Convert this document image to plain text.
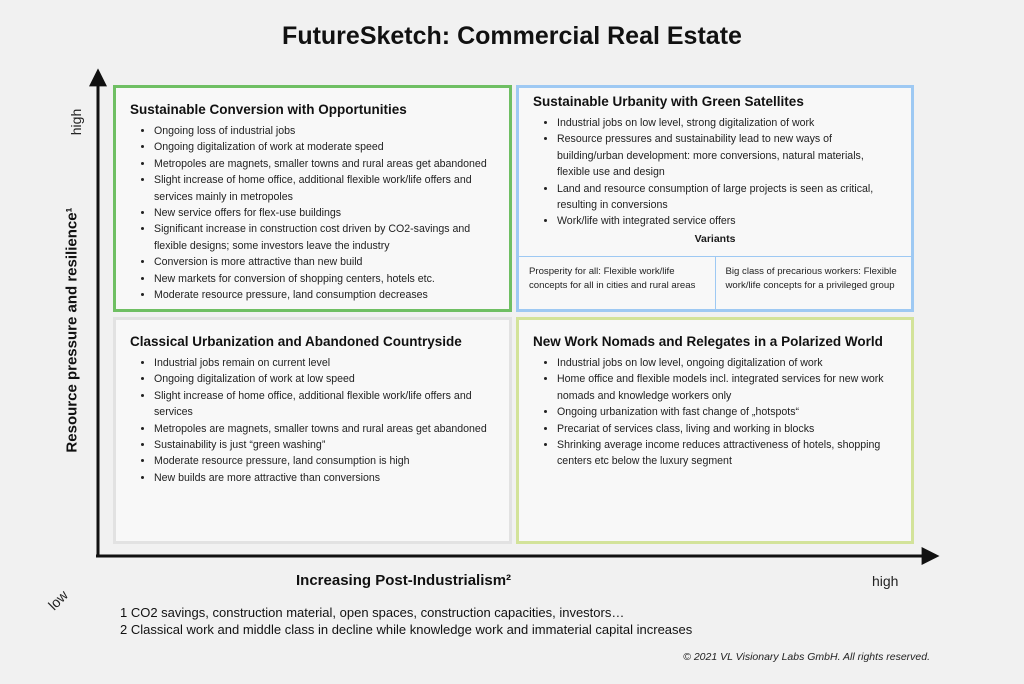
FutureSketch: Commercial Real Estate
high
Resource pressure and resilience¹
low
Sustainable Conversion with Opportunities
• Ongoing loss of industrial jobs
• Ongoing digitalization of work at moderate speed
• Metropoles are magnets, smaller towns and rural areas get abandoned
• Slight increase of home office, additional flexible work/life offers and services mainly in metropoles
• New service offers for flex-use buildings
• Significant increase in construction cost driven by CO2-savings and flexible designs; some investors leave the industry
• Conversion is more attractive than new build
• New markets for conversion of shopping centers, hotels etc.
• Moderate resource pressure, land consumption decreases
Sustainable Urbanity with Green Satellites
• Industrial jobs on low level, strong digitalization of work
• Resource pressures and sustainability lead to new ways of building/urban development: more conversions, natural materials, flexible use and design
• Land and resource consumption of large projects is seen as critical, resulting in conversions
• Work/life with integrated service offers
Variants
Prosperity for all: Flexible work/life concepts for all in cities and rural areas
Big class of precarious workers: Flexible work/life concepts for a privileged group
Classical Urbanization and Abandoned Countryside
• Industrial jobs remain on current level
• Ongoing digitalization of work at low speed
• Slight increase of home office, additional flexible work/life offers and services
• Metropoles are magnets, smaller towns and rural areas get abandoned
• Sustainability is just “green washing”
• Moderate resource pressure, land consumption is high
• New builds are more attractive than conversions
New Work Nomads and Relegates in a Polarized World
• Industrial jobs on low level, ongoing digitalization of work
• Home office and flexible models incl. integrated services for new work nomads and knowledge workers only
• Ongoing urbanization with fast change of „hotspots“
• Precariat of services class, living and working in blocks
• Shrinking average income reduces attractiveness of hotels, shopping centers etc below the luxury segment
Increasing Post-Industrialism²	high
1 CO2 savings, construction material, open spaces, construction capacities, investors…
2 Classical work and middle class in decline while knowledge work and immaterial capital increases
© 2021 VL Visionary Labs GmbH. All rights reserved.
